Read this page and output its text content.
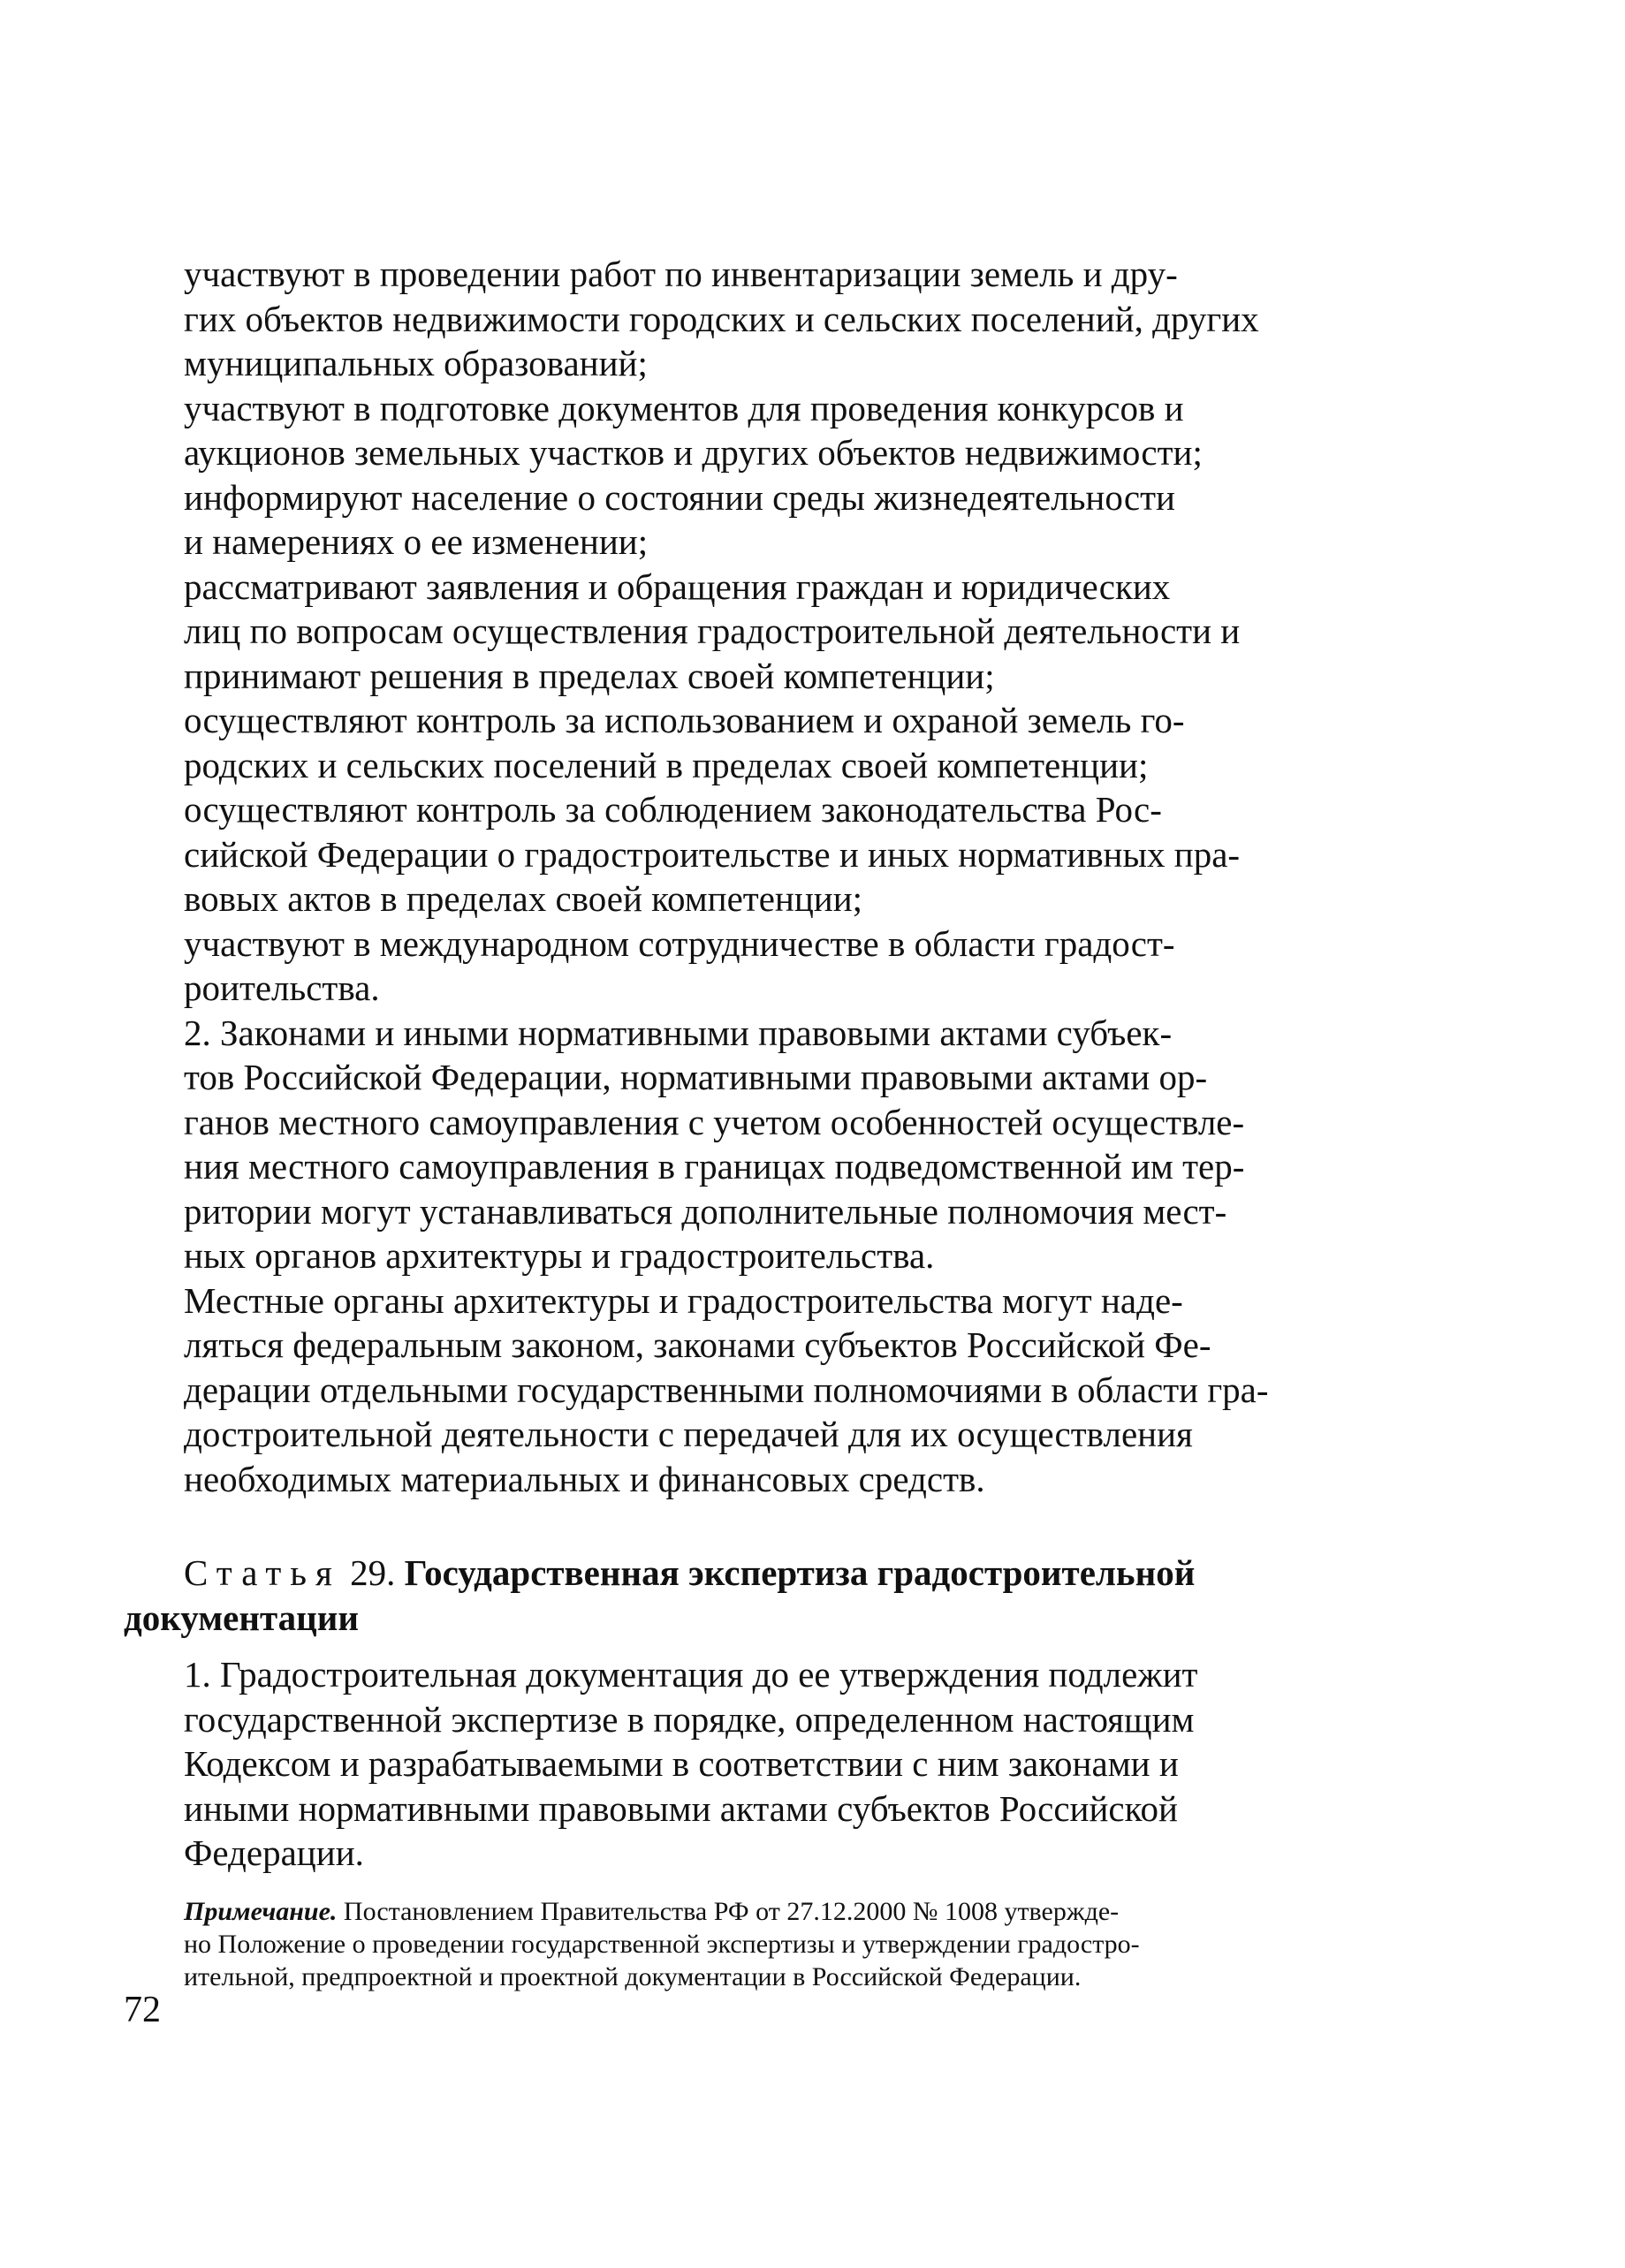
участвуют в проведении работ по инвентаризации земель и дру-
гих объектов недвижимости городских и сельских поселений, других
муниципальных образований;

участвуют в подготовке документов для проведения конкурсов и
аукционов земельных участков и других объектов недвижимости;

информируют население о состоянии среды жизнедеятельности
и намерениях о ее изменении;

рассматривают заявления и обращения граждан и юридических
лиц по вопросам осуществления градостроительной деятельности и
принимают решения в пределах своей компетенции;

осуществляют контроль за использованием и охраной земель го-
родских и сельских поселений в пределах своей компетенции;

осуществляют контроль за соблюдением законодательства Рос-
сийской Федерации о градостроительстве и иных нормативных пра-
вовых актов в пределах своей компетенции;

участвуют в международном сотрудничестве в области градост-
роительства.

2. Законами и иными нормативными правовыми актами субъек-
тов Российской Федерации, нормативными правовыми актами ор-
ганов местного самоуправления с учетом особенностей осуществле-
ния местного самоуправления в границах подведомственной им тер-
ритории могут устанавливаться дополнительные полномочия мест-
ных органов архитектуры и градостроительства.

Местные органы архитектуры и градостроительства могут наде-
ляться федеральным законом, законами субъектов Российской Фе-
дерации отдельными государственными полномочиями в области гра-
достроительной деятельности с передачей для их осуществления
необходимых материальных и финансовых средств.

Статья 29. Государственная экспертиза градостроительной
документации

1. Градостроительная документация до ее утверждения подлежит
государственной экспертизе в порядке, определенном настоящим
Кодексом и разрабатываемыми в соответствии с ним законами и
иными нормативными правовыми актами субъектов Российской
Федерации.

Примечание. Постановлением Правительства РФ от 27.12.2000 № 1008 утвержде-
но Положение о проведении государственной экспертизы и утверждении градостро-
ительной, предпроектной и проектной документации в Российской Федерации.

72
